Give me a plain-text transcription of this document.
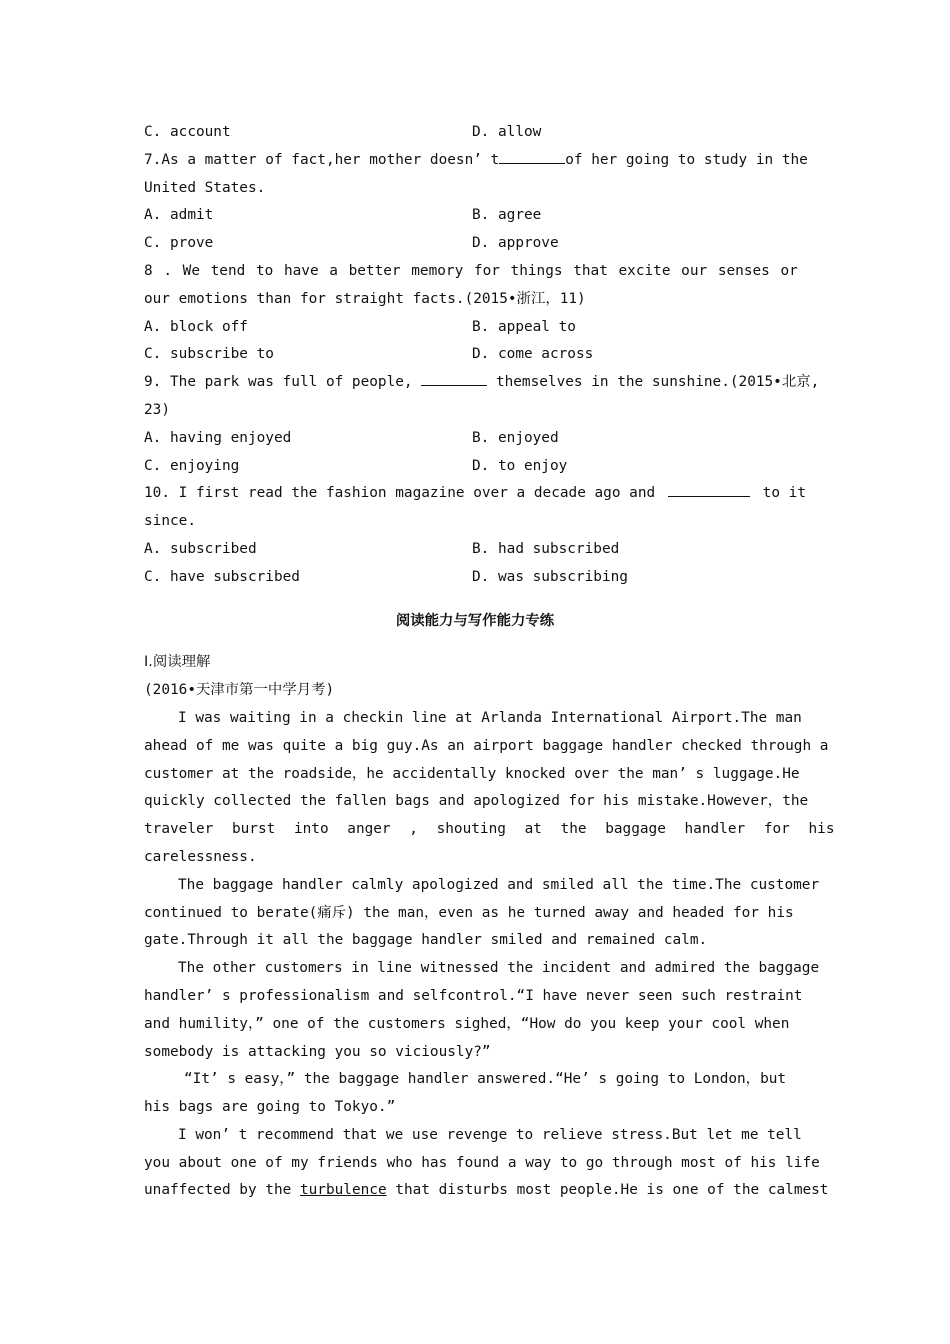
C. account	D. allow
7.As a matter of fact,her mother doesn’ t	of her going to study in the
United States.
A. admit	B. agree
C. prove	D. approve
8 . We tend to have a better memory for things that excite our senses or
our emotions than for straight facts.(2015•浙江，11)
A. block off	B. appeal to
C. subscribe to	D. come across
9. The park was full of people,	themselves in the sunshine.(2015•北京,
23)
A. having enjoyed	B. enjoyed
C. enjoying	D. to enjoy
10. I first read the fashion magazine over a decade ago and	to it
since.
A. subscribed	B. had subscribed
C. have subscribed	D. was subscribing
阅读能力与写作能力专练
Ⅰ.阅读理解
(2016•天津市第一中学月考)
I was waiting in a checkin line at Arlanda International Airport.The man
ahead of me was quite a big guy.As an airport baggage handler checked through a
customer at the roadside，he accidentally knocked over the man’ s luggage.He
quickly collected the fallen bags and apologized for his mistake.However，the
traveler burst into anger , shouting at the baggage handler for his
carelessness.
The baggage handler calmly apologized and smiled all the time.The customer
continued to berate(痛斥) the man，even as he turned away and headed for his
gate.Through it all the baggage handler smiled and remained calm.
The other customers in line witnessed the incident and admired the baggage
handler’ s professionalism and selfcontrol.“I have never seen such restraint
and humility，” one of the customers sighed，“How do you keep your cool when
somebody is attacking you so viciously?”
“It’ s easy，” the baggage handler answered.“He’ s going to London，but
his bags are going to Tokyo.”
I won’ t recommend that we use revenge to relieve stress.But let me tell
you about one of my friends who has found a way to go through most of his life
unaffected by the turbulence that disturbs most people.He is one of the calmest
